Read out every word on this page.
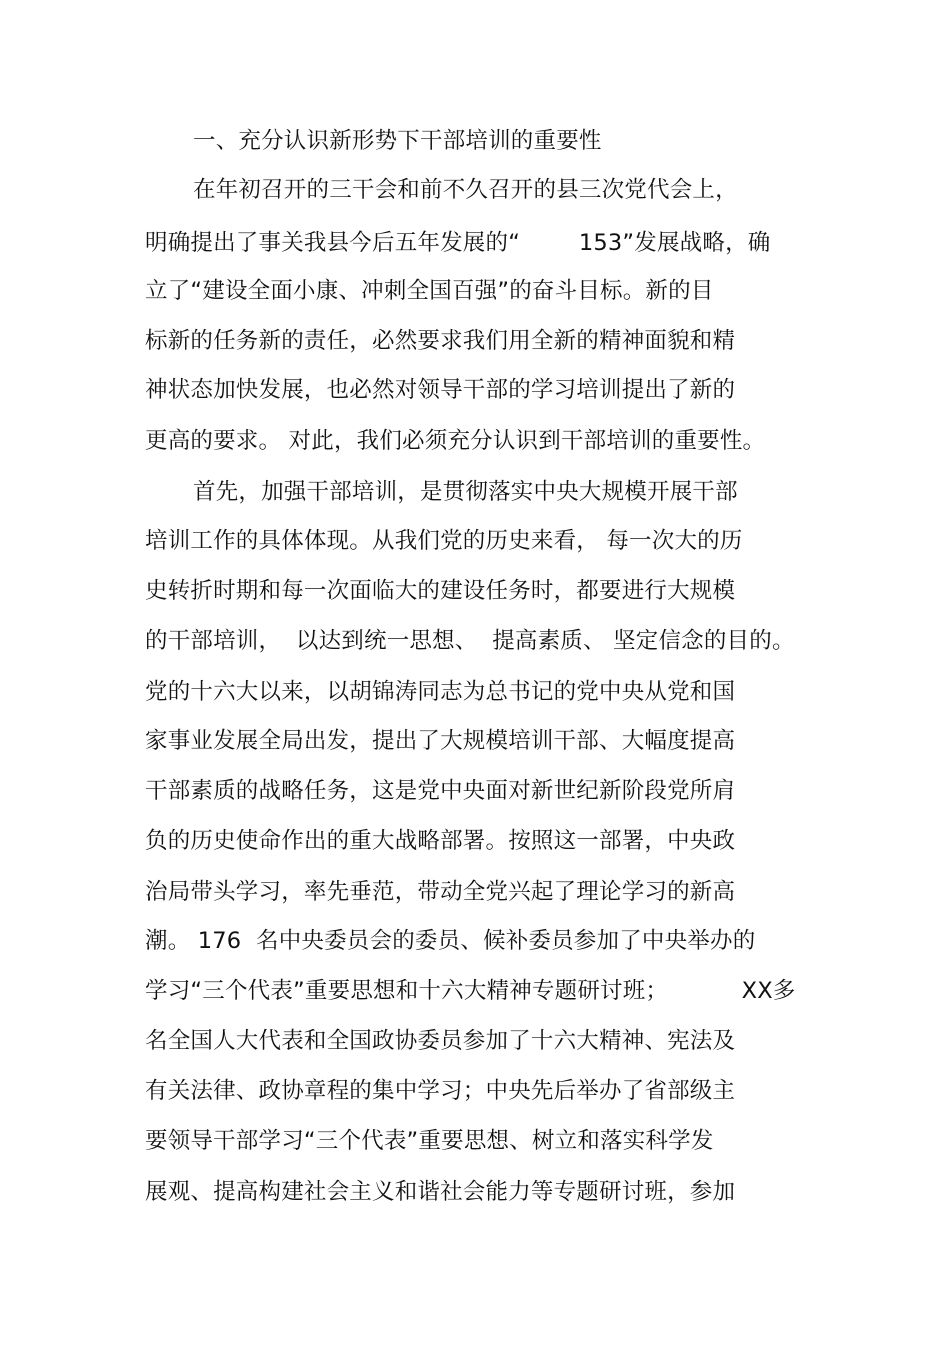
一、充分认识新形势下干部培训的重要性
在年初召开的三干会和前不久召开的县三次党代会上，
明确提出了事关我县今后五年发展的“        153”发展战略，确
立了“建设全面小康、冲刺全国百强”的奋斗目标。新的目
标新的任务新的责任，必然要求我们用全新的精神面貌和精
神状态加快发展，也必然对领导干部的学习培训提出了新的
更高的要求。 对此，我们必须充分认识到干部培训的重要性。
首先，加强干部培训，是贯彻落实中央大规模开展干部
培训工作的具体体现。从我们党的历史来看， 每一次大的历
史转折时期和每一次面临大的建设任务时，都要进行大规模
的干部培训，  以达到统一思想、  提高素质、 坚定信念的目的。
党的十六大以来，以胡锦涛同志为总书记的党中央从党和国
家事业发展全局出发，提出了大规模培训干部、大幅度提高
干部素质的战略任务，这是党中央面对新世纪新阶段党所肩
负的历史使命作出的重大战略部署。按照这一部署，中央政
治局带头学习，率先垂范，带动全党兴起了理论学习的新高
潮。 176  名中央委员会的委员、候补委员参加了中央举办的
学习“三个代表”重要思想和十六大精神专题研讨班；          XX多
名全国人大代表和全国政协委员参加了十六大精神、宪法及
有关法律、政协章程的集中学习；中央先后举办了省部级主
要领导干部学习“三个代表”重要思想、树立和落实科学发
展观、提高构建社会主义和谐社会能力等专题研讨班，参加
